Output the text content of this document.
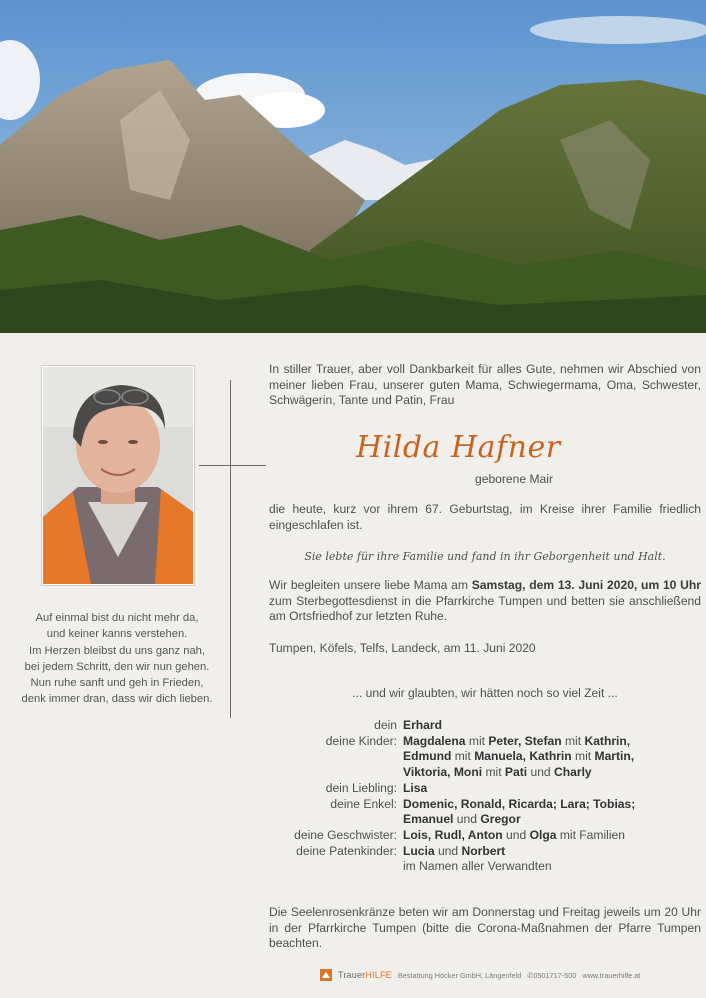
Auf einmal bist du nicht mehr da,
und keiner kanns verstehen.
Im Herzen bleibst du uns ganz nah,
bei jedem Schritt, den wir nun gehen.
Nun ruhe sanft und geh in Frieden,
denk immer dran, dass wir dich lieben.
In stiller Trauer, aber voll Dankbarkeit für alles Gute, nehmen wir Abschied von meiner lieben Frau, unserer guten Mama, Schwiegermama, Oma, Schwester, Schwägerin, Tante und Patin, Frau
Hilda Hafner
geborene Mair
die heute, kurz vor ihrem 67. Geburtstag, im Kreise ihrer Familie friedlich eingeschlafen ist.
Sie lebte für ihre Familie und fand in ihr Geborgenheit und Halt.
Wir begleiten unsere liebe Mama am Samstag, dem 13. Juni 2020, um 10 Uhr zum Sterbegottesdienst in die Pfarrkirche Tumpen und betten sie anschließend am Ortsfriedhof zur letzten Ruhe.
Tumpen, Köfels, Telfs, Landeck, am 11. Juni 2020
... und wir glaubten, wir hätten noch so viel Zeit ...
dein Erhard
deine Kinder: Magdalena mit Peter, Stefan mit Kathrin,
Edmund mit Manuela, Kathrin mit Martin,
Viktoria, Moni mit Pati und Charly
dein Liebling: Lisa
deine Enkel: Domenic, Ronald, Ricarda; Lara; Tobias;
Emanuel und Gregor
deine Geschwister: Lois, Rudl, Anton und Olga mit Familien
deine Patenkinder: Lucia und Norbert
im Namen aller Verwandten
Die Seelenrosenkränze beten wir am Donnerstag und Freitag jeweils um 20 Uhr in der Pfarrkirche Tumpen (bitte die Corona-Maßnahmen der Pfarre Tumpen beachten.
TrauerHILFE Bestattung Höcker GmbH, Längenfeld ✆0501717-500 www.trauerhilfe.at
